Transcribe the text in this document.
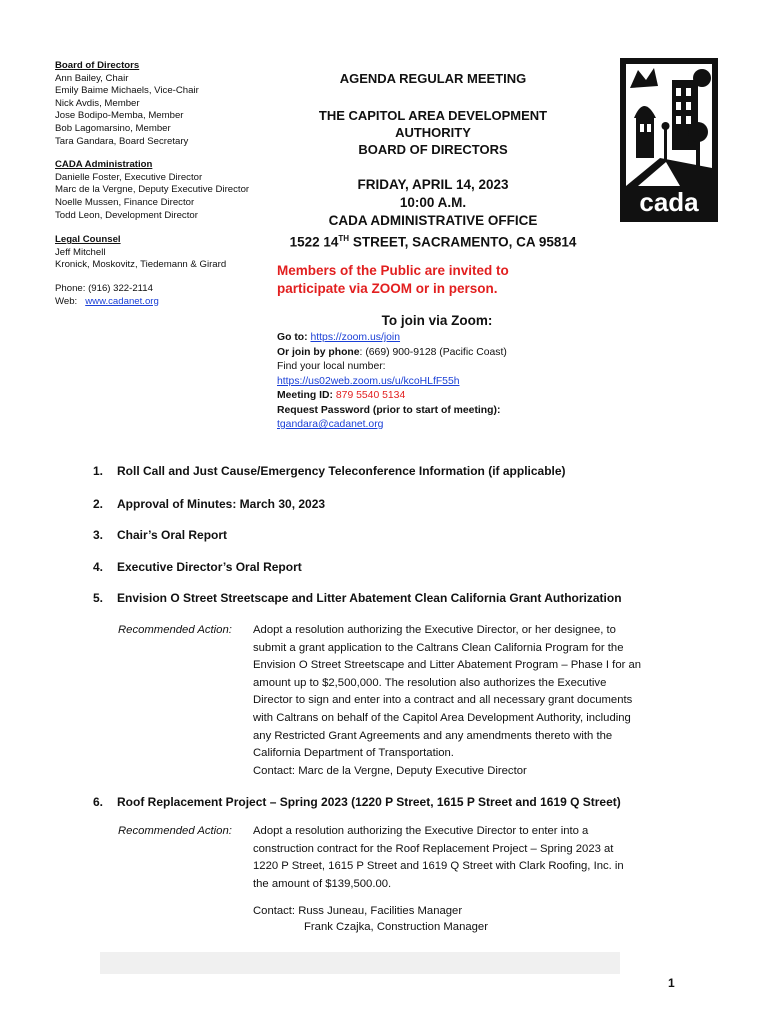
Board of Directors
Ann Bailey, Chair
Emily Baime Michaels, Vice-Chair
Nick Avdis, Member
Jose Bodipo-Memba, Member
Bob Lagomarsino, Member
Tara Gandara, Board Secretary
CADA Administration
Danielle Foster, Executive Director
Marc de la Vergne, Deputy Executive Director
Noelle Mussen, Finance Director
Todd Leon, Development Director
Legal Counsel
Jeff Mitchell
Kronick, Moskovitz, Tiedemann & Girard
Phone: (916) 322-2114
Web: www.cadanet.org
AGENDA REGULAR MEETING
THE CAPITOL AREA DEVELOPMENT
AUTHORITY
BOARD OF DIRECTORS
FRIDAY, APRIL 14, 2023
10:00 A.M.
CADA ADMINISTRATIVE OFFICE
1522 14TH STREET, SACRAMENTO, CA 95814
Members of the Public are invited to
participate via ZOOM or in person.
To join via Zoom:
Go to: https://zoom.us/join
Or join by phone: (669) 900-9128 (Pacific Coast)
Find your local number:
https://us02web.zoom.us/u/kcoHLfF55h
Meeting ID: 879 5540 5134
Request Password (prior to start of meeting):
tgandara@cadanet.org
cada
1. Roll Call and Just Cause/Emergency Teleconference Information (if applicable)
2. Approval of Minutes: March 30, 2023
3. Chair’s Oral Report
4. Executive Director’s Oral Report
5. Envision O Street Streetscape and Litter Abatement Clean California Grant Authorization
Recommended Action: Adopt a resolution authorizing the Executive Director, or her designee, to
submit a grant application to the Caltrans Clean California Program for the
Envision O Street Streetscape and Litter Abatement Program – Phase I for an
amount up to $2,500,000. The resolution also authorizes the Executive
Director to sign and enter into a contract and all necessary grant documents
with Caltrans on behalf of the Capitol Area Development Authority, including
any Restricted Grant Agreements and any amendments thereto with the
California Department of Transportation.
Contact: Marc de la Vergne, Deputy Executive Director
6. Roof Replacement Project – Spring 2023 (1220 P Street, 1615 P Street and 1619 Q Street)
Recommended Action: Adopt a resolution authorizing the Executive Director to enter into a
construction contract for the Roof Replacement Project – Spring 2023 at
1220 P Street, 1615 P Street and 1619 Q Street with Clark Roofing, Inc. in
the amount of $139,500.00.
Contact: Russ Juneau, Facilities Manager
Frank Czajka, Construction Manager
1
